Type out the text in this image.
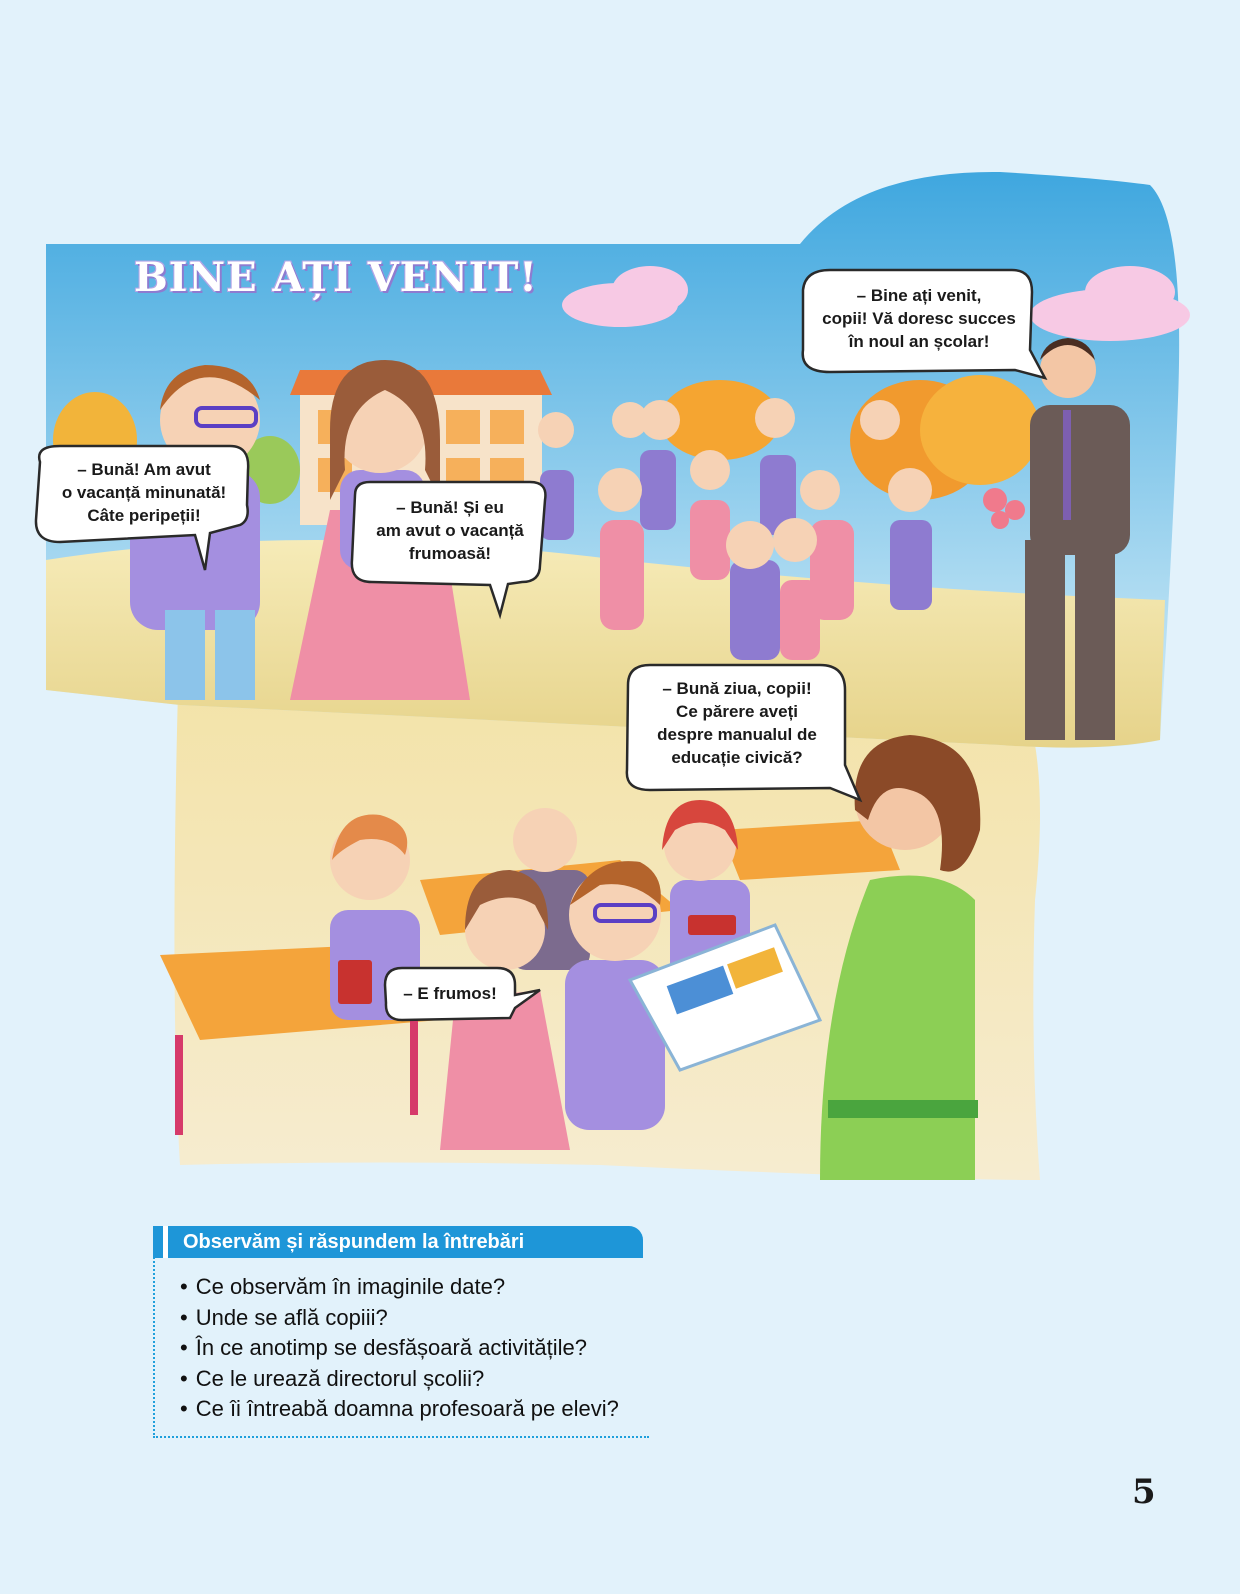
BINE AȚI VENIT!
– Bună! Am avut
o vacanță minunată!
Câte peripeții!	– Bună! Și eu
am avut o vacanță
frumoasă!
– Bine ați venit,
copii! Vă doresc succes
în noul an școlar!
– Bună ziua, copii!
Ce părere aveți
despre manualul de
educație civică?
– E frumos!
Observăm și răspundem la întrebări
• Ce observăm în imaginile date?
• Unde se află copiii?
• În ce anotimp se desfășoară activitățile?
• Ce le urează directorul școlii?
• Ce îi întreabă doamna profesoară pe elevi?
5
